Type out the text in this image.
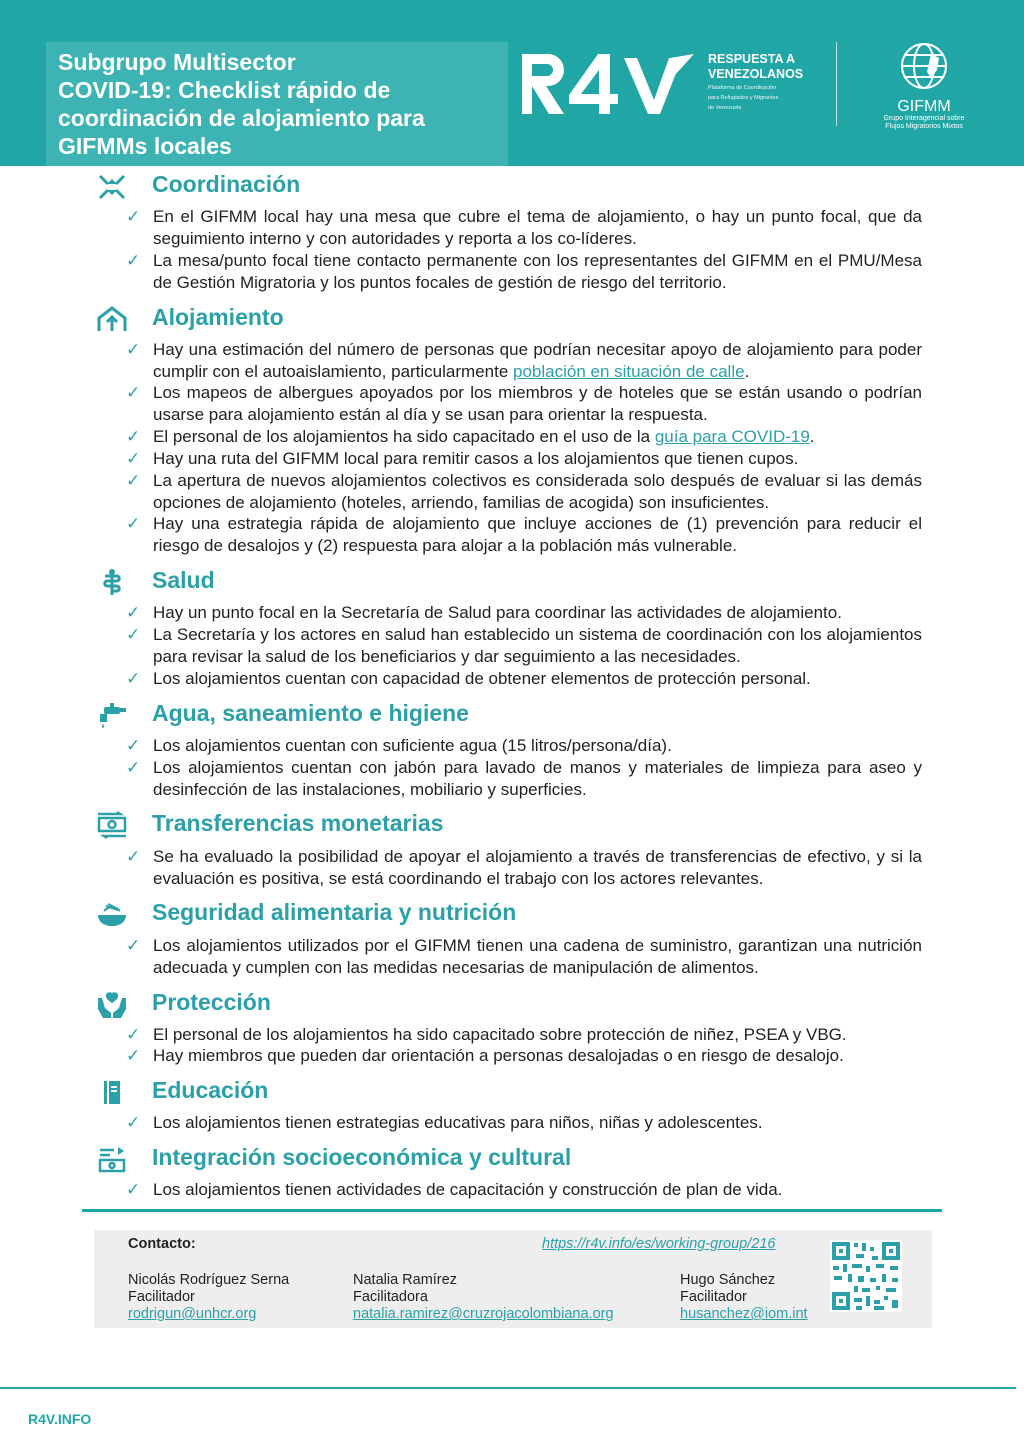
Subgrupo Multisector

COVID-19: Checklist rápido de

coordinación de alojamiento para

GIFMMs locales

RESPUESTA A
VENEZOLANOS
Plataforma de Coordinación
para Refugiados y Migrantes
de Venezuela	GIFMM
Grupo Interagencial sobre
Flujos Migratorios Mixtos
Coordinación
✓ En el GIFMM local hay una mesa que cubre el tema de alojamiento, o hay un punto focal, que da seguimiento interno y con autoridades y reporta a los co-líderes.
✓ La mesa/punto focal tiene contacto permanente con los representantes del GIFMM en el PMU/Mesa de Gestión Migratoria y los puntos focales de gestión de riesgo del territorio.
Alojamiento
✓ Hay una estimación del número de personas que podrían necesitar apoyo de alojamiento para poder cumplir con el autoaislamiento, particularmente población en situación de calle.
✓ Los mapeos de albergues apoyados por los miembros y de hoteles que se están usando o podrían usarse para alojamiento están al día y se usan para orientar la respuesta.
✓ El personal de los alojamientos ha sido capacitado en el uso de la guía para COVID-19.
✓ Hay una ruta del GIFMM local para remitir casos a los alojamientos que tienen cupos.
✓ La apertura de nuevos alojamientos colectivos es considerada solo después de evaluar si las demás opciones de alojamiento (hoteles, arriendo, familias de acogida) son insuficientes.
✓ Hay una estrategia rápida de alojamiento que incluye acciones de (1) prevención para reducir el riesgo de desalojos y (2) respuesta para alojar a la población más vulnerable.
Salud
✓ Hay un punto focal en la Secretaría de Salud para coordinar las actividades de alojamiento.
✓ La Secretaría y los actores en salud han establecido un sistema de coordinación con los alojamientos para revisar la salud de los beneficiarios y dar seguimiento a las necesidades.
✓ Los alojamientos cuentan con capacidad de obtener elementos de protección personal.
Agua, saneamiento e higiene
✓ Los alojamientos cuentan con suficiente agua (15 litros/persona/día).
✓ Los alojamientos cuentan con jabón para lavado de manos y materiales de limpieza para aseo y desinfección de las instalaciones, mobiliario y superficies.
Transferencias monetarias
✓ Se ha evaluado la posibilidad de apoyar el alojamiento a través de transferencias de efectivo, y si la evaluación es positiva, se está coordinando el trabajo con los actores relevantes.
Seguridad alimentaria y nutrición
✓ Los alojamientos utilizados por el GIFMM tienen una cadena de suministro, garantizan una nutrición adecuada y cumplen con las medidas necesarias de manipulación de alimentos.
Protección
✓ El personal de los alojamientos ha sido capacitado sobre protección de niñez, PSEA y VBG.
✓ Hay miembros que pueden dar orientación a personas desalojadas o en riesgo de desalojo.
Educación
✓ Los alojamientos tienen estrategias educativas para niños, niñas y adolescentes.
Integración socioeconómica y cultural
✓ Los alojamientos tienen actividades de capacitación y construcción de plan de vida.
Contacto:	https://r4v.info/es/working-group/216
Nicolás Rodríguez Serna
Facilitador
rodrigun@unhcr.org
Natalia Ramírez
Facilitadora
natalia.ramirez@cruzrojacolombiana.org
Hugo Sánchez
Facilitador
husanchez@iom.int
R4V.INFO
